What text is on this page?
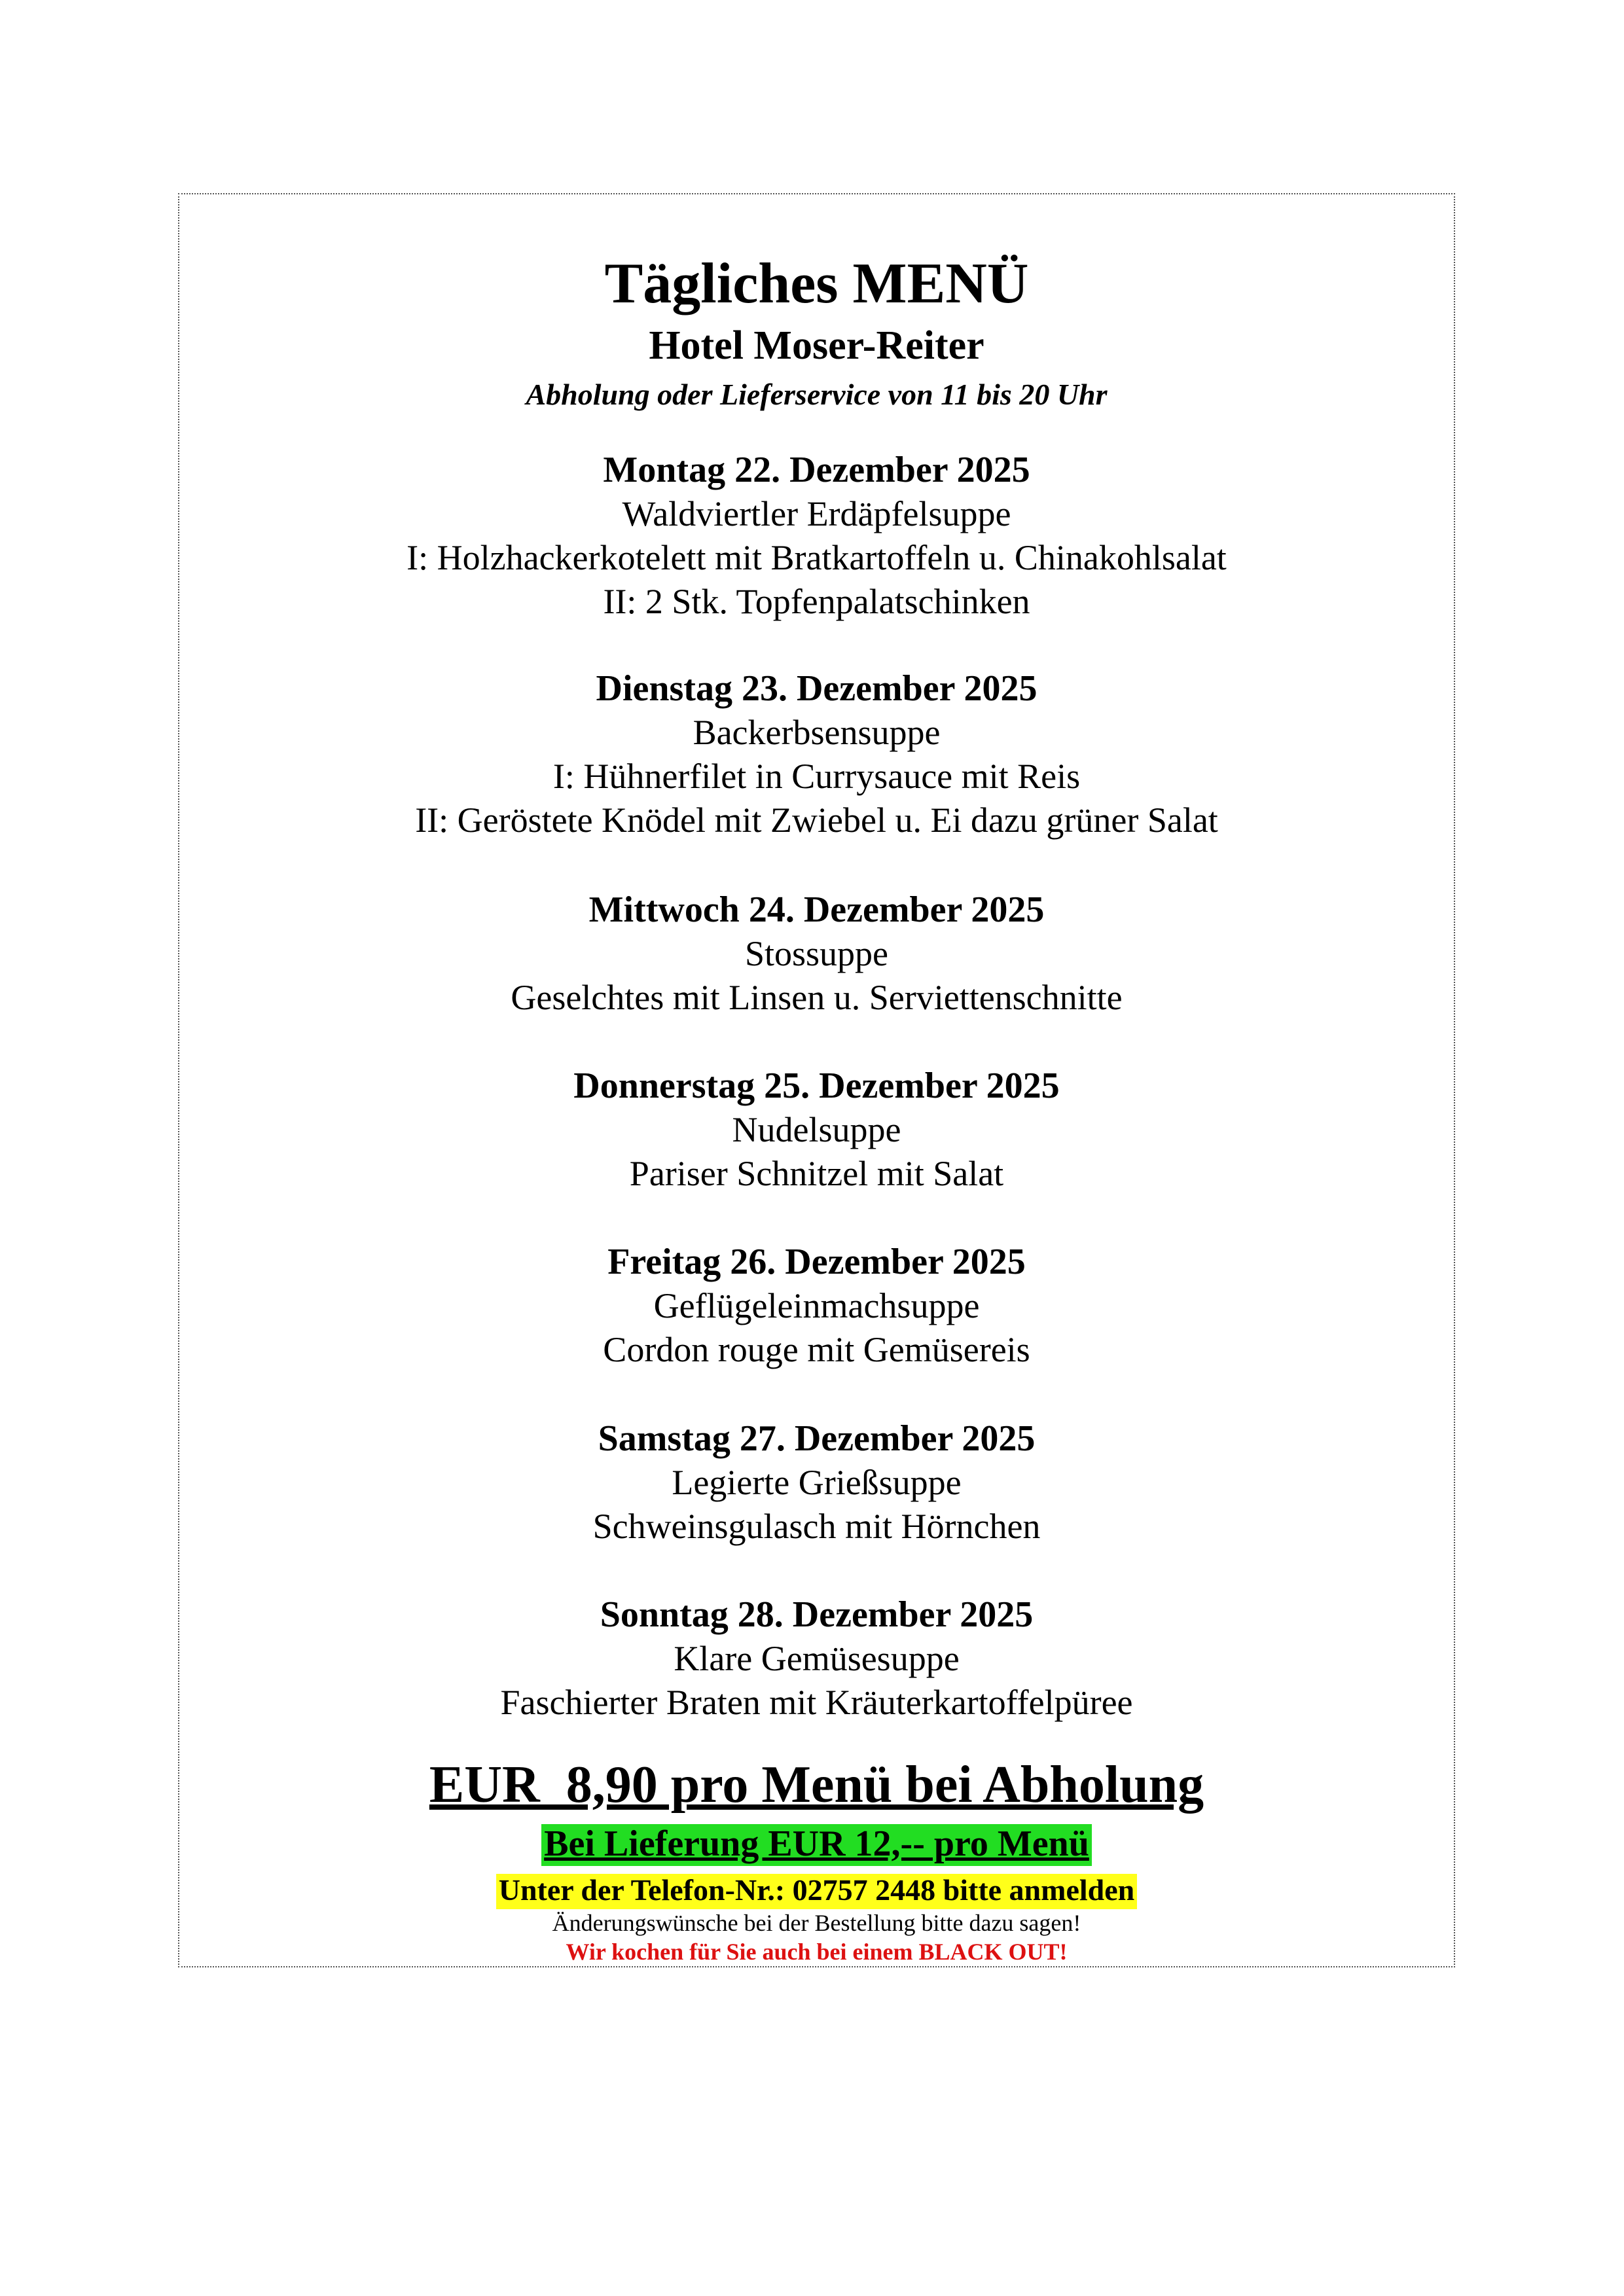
Tägliches MENÜ
Hotel Moser-Reiter
Abholung oder Lieferservice von 11 bis 20 Uhr
Montag 22. Dezember 2025
Waldviertler Erdäpfelsuppe
I: Holzhackerkotelett mit Bratkartoffeln u. Chinakohlsalat
II: 2 Stk. Topfenpalatschinken
Dienstag 23. Dezember 2025
Backerbsensuppe
I: Hühnerfilet in Currysauce mit Reis
II: Geröstete Knödel mit Zwiebel u. Ei dazu grüner Salat
Mittwoch 24. Dezember 2025
Stossuppe
Geselchtes mit Linsen u. Serviettenschnitte
Donnerstag 25. Dezember 2025
Nudelsuppe
Pariser Schnitzel mit Salat
Freitag 26. Dezember 2025
Geflügeleinmachsuppe
Cordon rouge mit Gemüsereis
Samstag 27. Dezember 2025
Legierte Grießsuppe
Schweinsgulasch mit Hörnchen
Sonntag 28. Dezember 2025
Klare Gemüsesuppe
Faschierter Braten mit Kräuterkartoffelpüree
EUR  8,90 pro Menü bei Abholung
Bei Lieferung EUR 12,-- pro Menü
Unter der Telefon-Nr.: 02757 2448 bitte anmelden
Änderungswünsche bei der Bestellung bitte dazu sagen!
Wir kochen für Sie auch bei einem BLACK OUT!
